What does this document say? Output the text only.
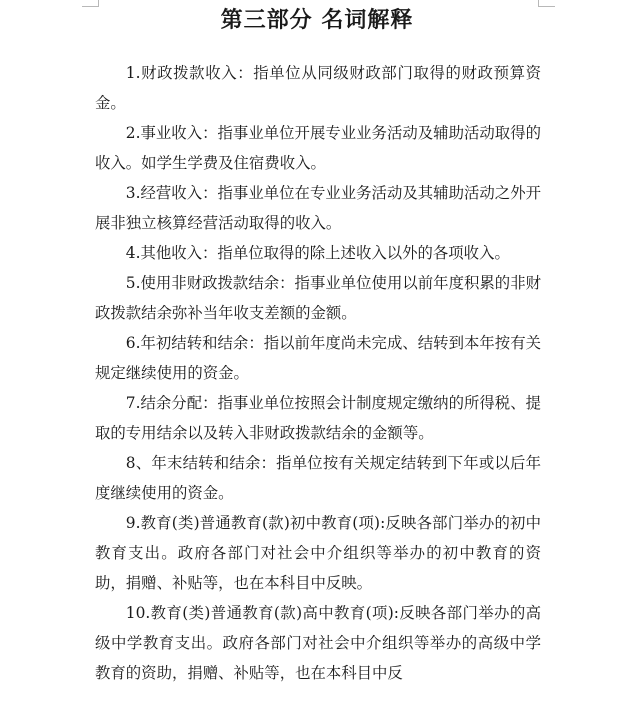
第三部分 名词解释

1.财政拨款收入：指单位从同级财政部门取得的财政预算资金。

2.事业收入：指事业单位开展专业业务活动及辅助活动取得的收入。如学生学费及住宿费收入。

3.经营收入：指事业单位在专业业务活动及其辅助活动之外开展非独立核算经营活动取得的收入。

4.其他收入：指单位取得的除上述收入以外的各项收入。

5.使用非财政拨款结余：指事业单位使用以前年度积累的非财政拨款结余弥补当年收支差额的金额。

6.年初结转和结余：指以前年度尚未完成、结转到本年按有关规定继续使用的资金。

7.结余分配：指事业单位按照会计制度规定缴纳的所得税、提取的专用结余以及转入非财政拨款结余的金额等。

8、年末结转和结余：指单位按有关规定结转到下年或以后年度继续使用的资金。

9.教育(类)普通教育(款)初中教育(项):反映各部门举办的初中教育支出。政府各部门对社会中介组织等举办的初中教育的资助，捐赠、补贴等，也在本科目中反映。

10.教育(类)普通教育(款)高中教育(项):反映各部门举办的高级中学教育支出。政府各部门对社会中介组织等举办的高级中学教育的资助，捐赠、补贴等，也在本科目中反
